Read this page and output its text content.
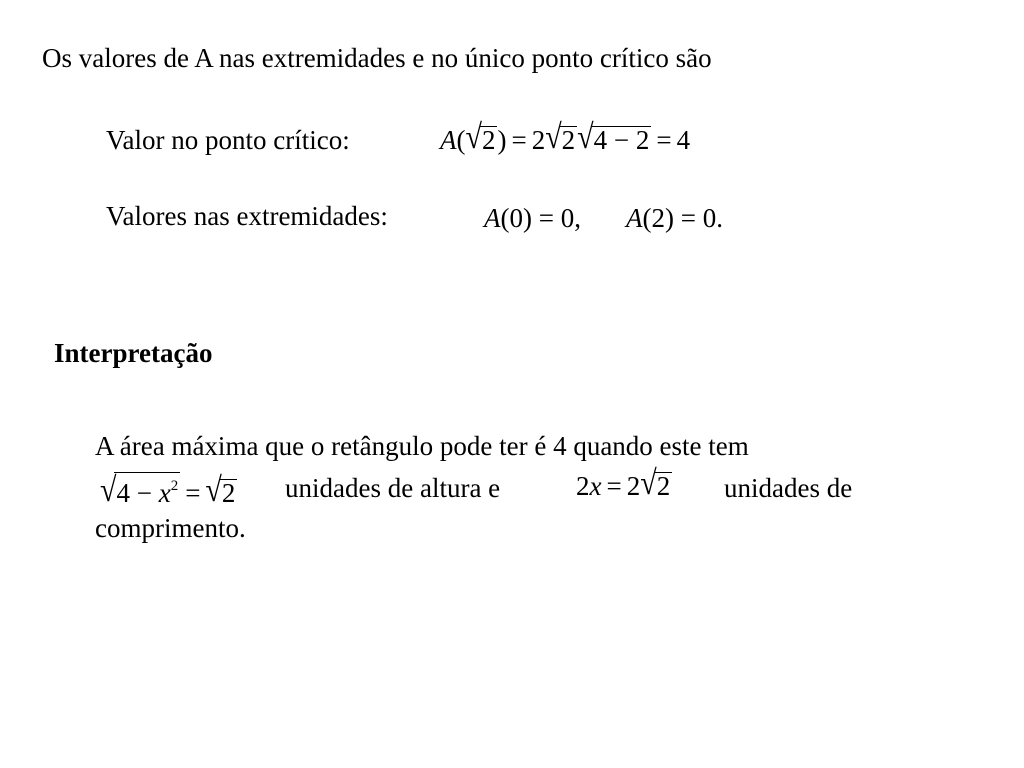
Os valores de A nas extremidades e no único ponto crítico são
Valor no ponto crítico:	A(√2) = 2√2√4 − 2 = 4
Valores nas extremidades:	A(0) = 0, A(2) = 0.
Interpretação
A área máxima que o retângulo pode ter é 4 quando este tem
$√4 - x^2 = √2$ unidades de altura e	2x = 2√2 unidades de
comprimento.
